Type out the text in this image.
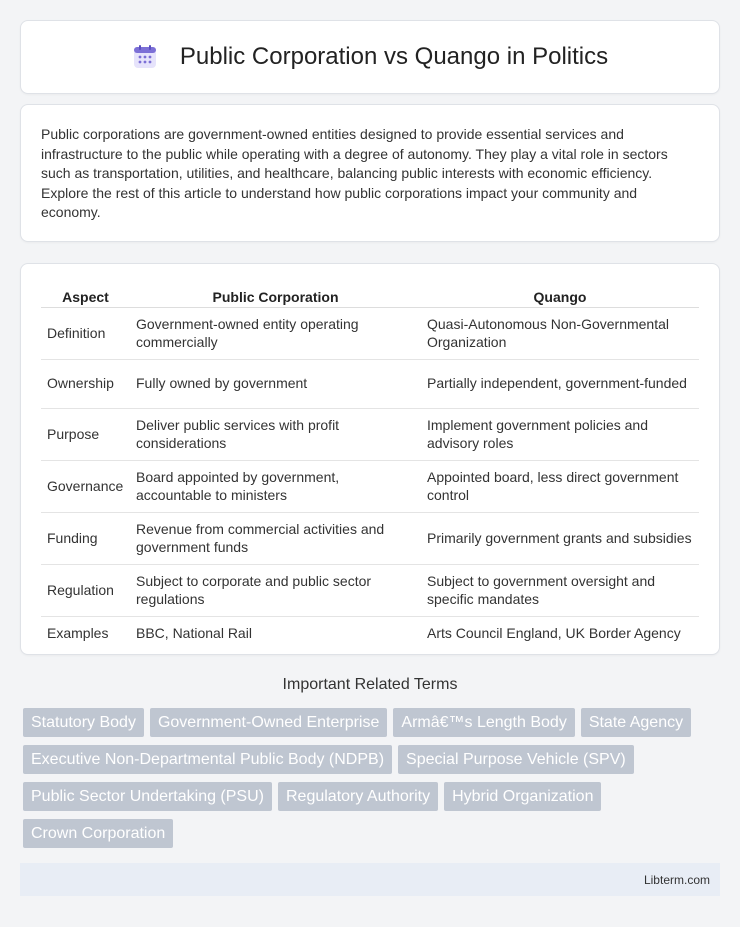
Public Corporation vs Quango in Politics

Public corporations are government-owned entities designed to provide essential services and infrastructure to the public while operating with a degree of autonomy. They play a vital role in sectors such as transportation, utilities, and healthcare, balancing public interests with economic efficiency. Explore the rest of this article to understand how public corporations impact your community and economy.

Aspect	Public Corporation	Quango
Definition	Government-owned entity operating commercially	Quasi-Autonomous Non-Governmental Organization
Ownership	Fully owned by government	Partially independent, government-funded
Purpose	Deliver public services with profit considerations	Implement government policies and advisory roles
Governance	Board appointed by government, accountable to ministers	Appointed board, less direct government control
Funding	Revenue from commercial activities and government funds	Primarily government grants and subsidies
Regulation	Subject to corporate and public sector regulations	Subject to government oversight and specific mandates
Examples	BBC, National Rail	Arts Council England, UK Border Agency
Important Related Terms
Statutory Body	Government-Owned Enterprise	Armâ€™s Length Body	State Agency
Executive Non-Departmental Public Body (NDPB)	Special Purpose Vehicle (SPV)
Public Sector Undertaking (PSU)	Regulatory Authority	Hybrid Organization
Crown Corporation
Libterm.com
